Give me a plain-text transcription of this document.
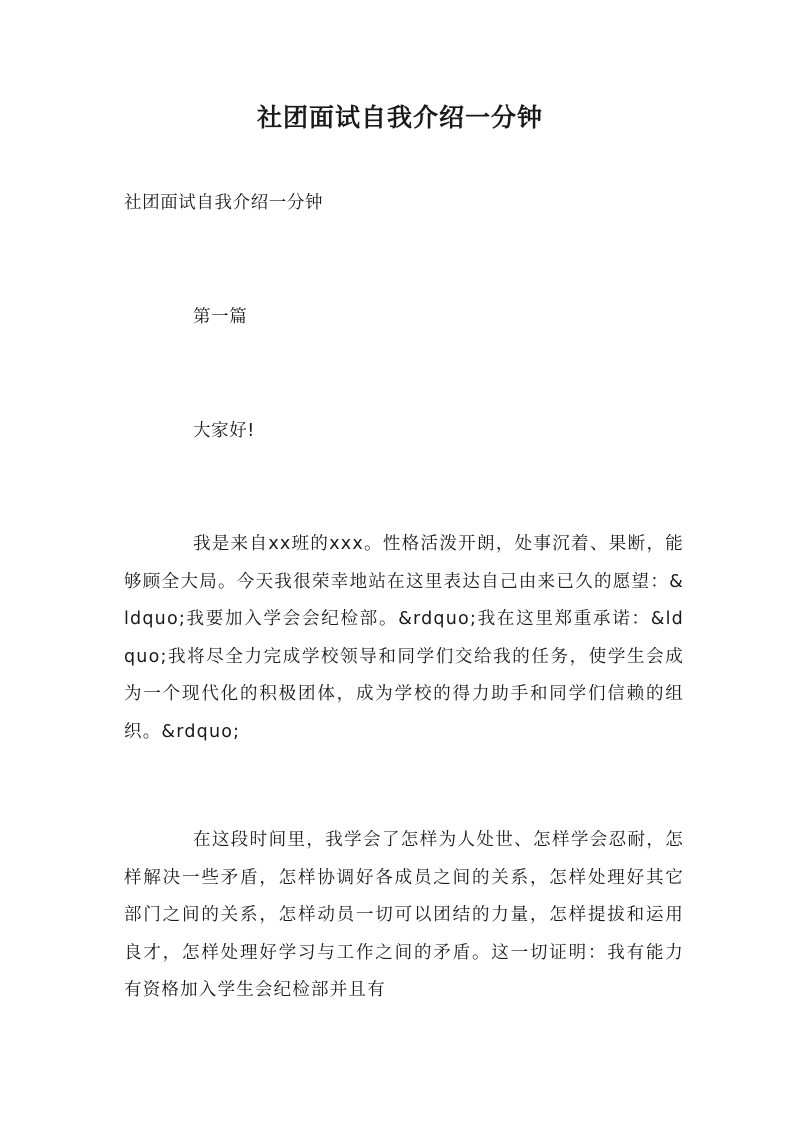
社团面试自我介绍一分钟
社团面试自我介绍一分钟
第一篇
大家好!

我是来自xx班的xxx。性格活泼开朗，处事沉着、果断，能够顾全大局。今天我很荣幸地站在这里表达自己由来已久的愿望：&ldquo;我要加入学会会纪检部。&rdquo;我在这里郑重承诺：&ldquo;我将尽全力完成学校领导和同学们交给我的任务，使学生会成为一个现代化的积极团体，成为学校的得力助手和同学们信赖的组织。&rdquo;

在这段时间里，我学会了怎样为人处世、怎样学会忍耐，怎样解决一些矛盾，怎样协调好各成员之间的关系，怎样处理好其它部门之间的关系，怎样动员一切可以团结的力量，怎样提拔和运用良才，怎样处理好学习与工作之间的矛盾。这一切证明：我有能力有资格加入学生会纪检部并且有
